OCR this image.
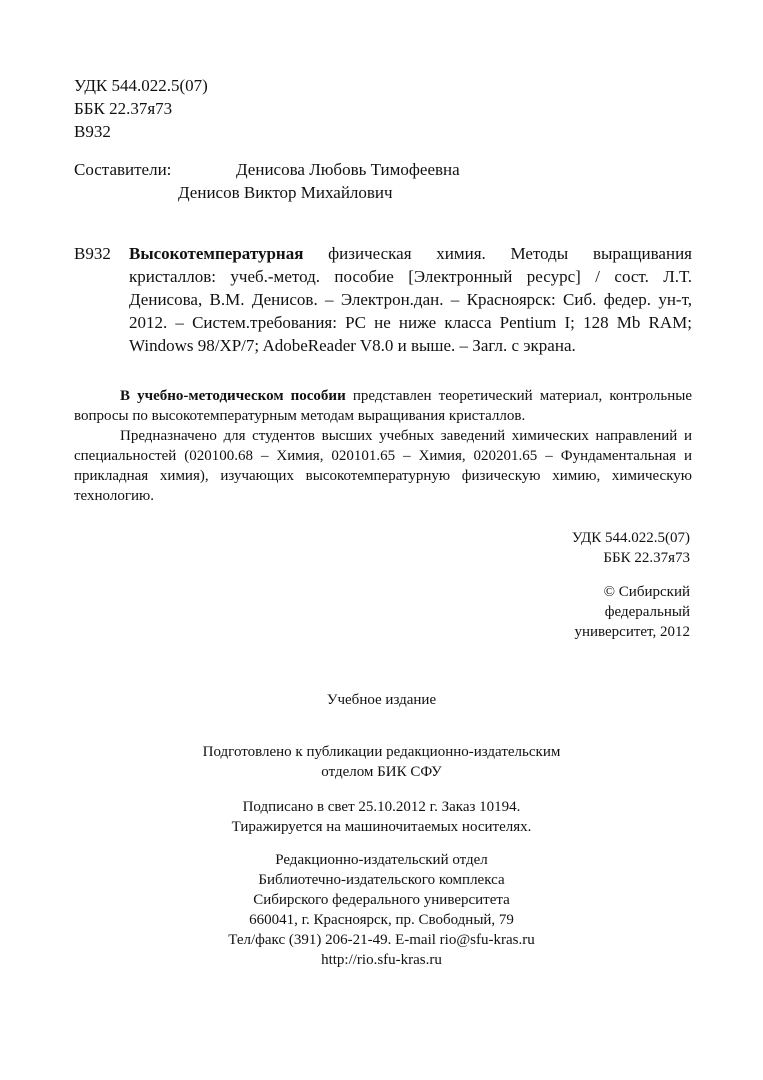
УДК 544.022.5(07)
ББК 22.37я73
В932
Составители:	Денисова Любовь Тимофеевна
Денисов Виктор Михайлович
В932 Высокотемпературная физическая химия. Методы выращивания
кристаллов: учеб.-метод. пособие [Электронный ресурс] / сост. Л.Т.
Денисова, В.М. Денисов. – Электрон.дан. – Красноярск: Сиб. федер. ун-т,
2012. – Систем.требования: PC не ниже класса Pentium I; 128 Mb RAM;
Windows 98/XP/7; AdobeReader V8.0 и выше. – Загл. с экрана.
В учебно-методическом пособии представлен теоретический материал, контрольные
вопросы по высокотемпературным методам выращивания кристаллов.
Предназначено для студентов высших учебных заведений химических направлений и
специальностей (020100.68 – Химия, 020101.65 – Химия, 020201.65 – Фундаментальная и
прикладная химия), изучающих высокотемпературную физическую химию, химическую
технологию.
УДК 544.022.5(07)
ББК 22.37я73
© Сибирский
федеральный
университет, 2012
Учебное издание
Подготовлено к публикации редакционно-издательским
отделом БИК СФУ
Подписано в свет 25.10.2012 г. Заказ 10194.
Тиражируется на машиночитаемых носителях.
Редакционно-издательский отдел
Библиотечно-издательского комплекса
Сибирского федерального университета
660041, г. Красноярск, пр. Свободный, 79
Тел/факс (391) 206-21-49. E-mail rio@sfu-kras.ru
http://rio.sfu-kras.ru
